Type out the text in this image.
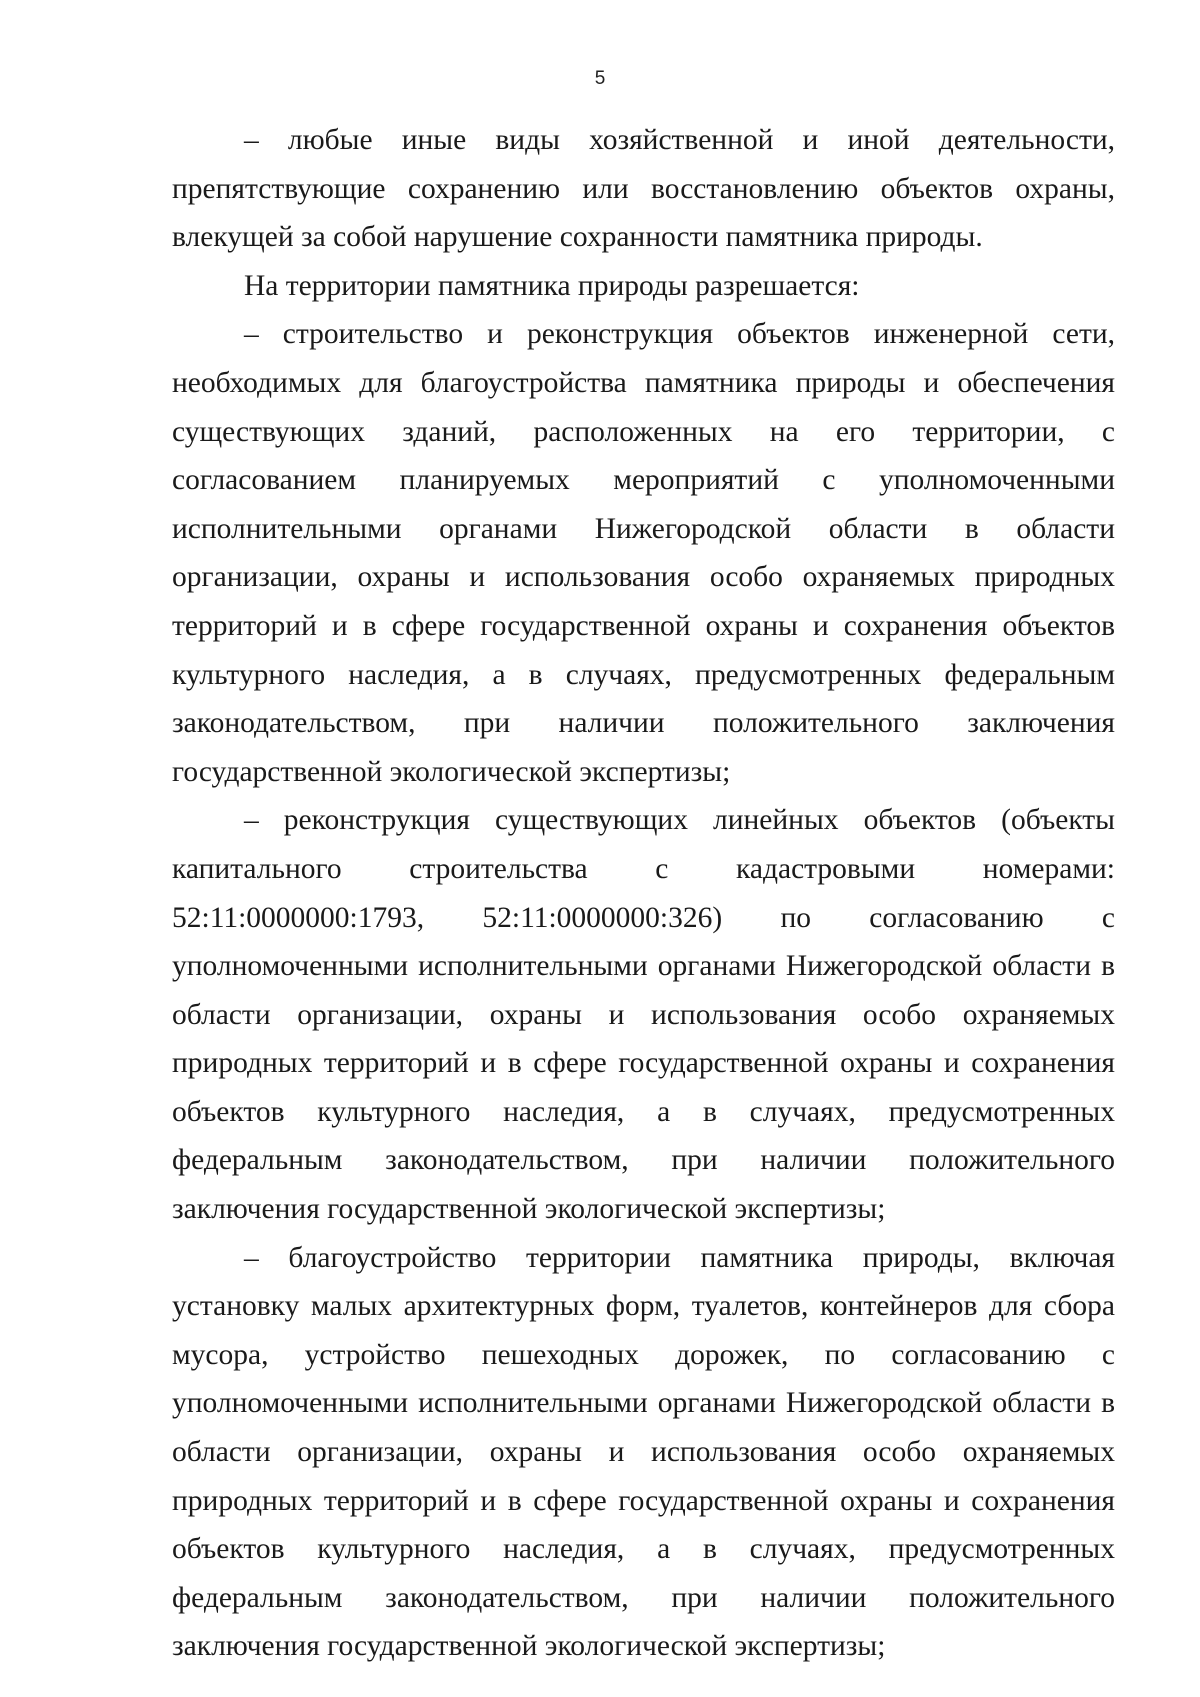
5

– любые иные виды хозяйственной и иной деятельности, препятствующие сохранению или восстановлению объектов охраны, влекущей за собой нарушение сохранности памятника природы.

На территории памятника природы разрешается:

– строительство и реконструкция объектов инженерной сети, необходимых для благоустройства памятника природы и обеспечения существующих зданий, расположенных на его территории, с согласованием планируемых мероприятий с уполномоченными исполнительными органами Нижегородской области в области организации, охраны и использования особо охраняемых природных территорий и в сфере государственной охраны и сохранения объектов культурного наследия, а в случаях, предусмотренных федеральным законодательством, при наличии положительного заключения государственной экологической экспертизы;

– реконструкция существующих линейных объектов (объекты капитального строительства с кадастровыми номерами: 52:11:0000000:1793, 52:11:0000000:326) по согласованию с уполномоченными исполнительными органами Нижегородской области в области организации, охраны и использования особо охраняемых природных территорий и в сфере государственной охраны и сохранения объектов культурного наследия, а в случаях, предусмотренных федеральным законодательством, при наличии положительного заключения государственной экологической экспертизы;

– благоустройство территории памятника природы, включая установку малых архитектурных форм, туалетов, контейнеров для сбора мусора, устройство пешеходных дорожек, по согласованию с уполномоченными исполнительными органами Нижегородской области в области организации, охраны и использования особо охраняемых природных территорий и в сфере государственной охраны и сохранения объектов культурного наследия, а в случаях, предусмотренных федеральным законодательством, при наличии положительного заключения государственной экологической экспертизы;
